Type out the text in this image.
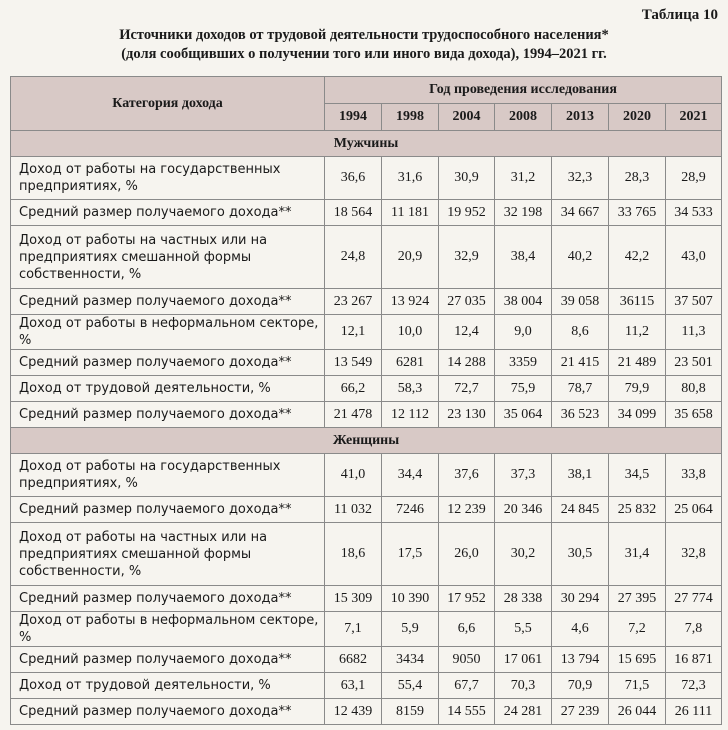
Таблица 10
Источники доходов от трудовой деятельности трудоспособного населения*
(доля сообщивших о получении того или иного вида дохода), 1994–2021 гг.
Категория дохода	Год проведения исследования						
	1994	1998	2004	2008	2013	2020	2021
Мужчины							
Доход от работы на государственных предприятиях, %	36,6	31,6	30,9	31,2	32,3	28,3	28,9
Средний размер получаемого дохода**	18 564	11 181	19 952	32 198	34 667	33 765	34 533
Доход от работы на частных или на предприятиях смешанной формы собственности, %	24,8	20,9	32,9	38,4	40,2	42,2	43,0
Средний размер получаемого дохода**	23 267	13 924	27 035	38 004	39 058	36115	37 507
Доход от работы в неформальном секторе, %	12,1	10,0	12,4	9,0	8,6	11,2	11,3
Средний размер получаемого дохода**	13 549	6281	14 288	3359	21 415	21 489	23 501
Доход от трудовой деятельности, %	66,2	58,3	72,7	75,9	78,7	79,9	80,8
Средний размер получаемого дохода**	21 478	12 112	23 130	35 064	36 523	34 099	35 658
Женщины							
Доход от работы на государственных предприятиях, %	41,0	34,4	37,6	37,3	38,1	34,5	33,8
Средний размер получаемого дохода**	11 032	7246	12 239	20 346	24 845	25 832	25 064
Доход от работы на частных или на предприятиях смешанной формы собственности, %	18,6	17,5	26,0	30,2	30,5	31,4	32,8
Средний размер получаемого дохода**	15 309	10 390	17 952	28 338	30 294	27 395	27 774
Доход от работы в неформальном секторе, %	7,1	5,9	6,6	5,5	4,6	7,2	7,8
Средний размер получаемого дохода**	6682	3434	9050	17 061	13 794	15 695	16 871
Доход от трудовой деятельности, %	63,1	55,4	67,7	70,3	70,9	71,5	72,3
Средний размер получаемого дохода**	12 439	8159	14 555	24 281	27 239	26 044	26 111
